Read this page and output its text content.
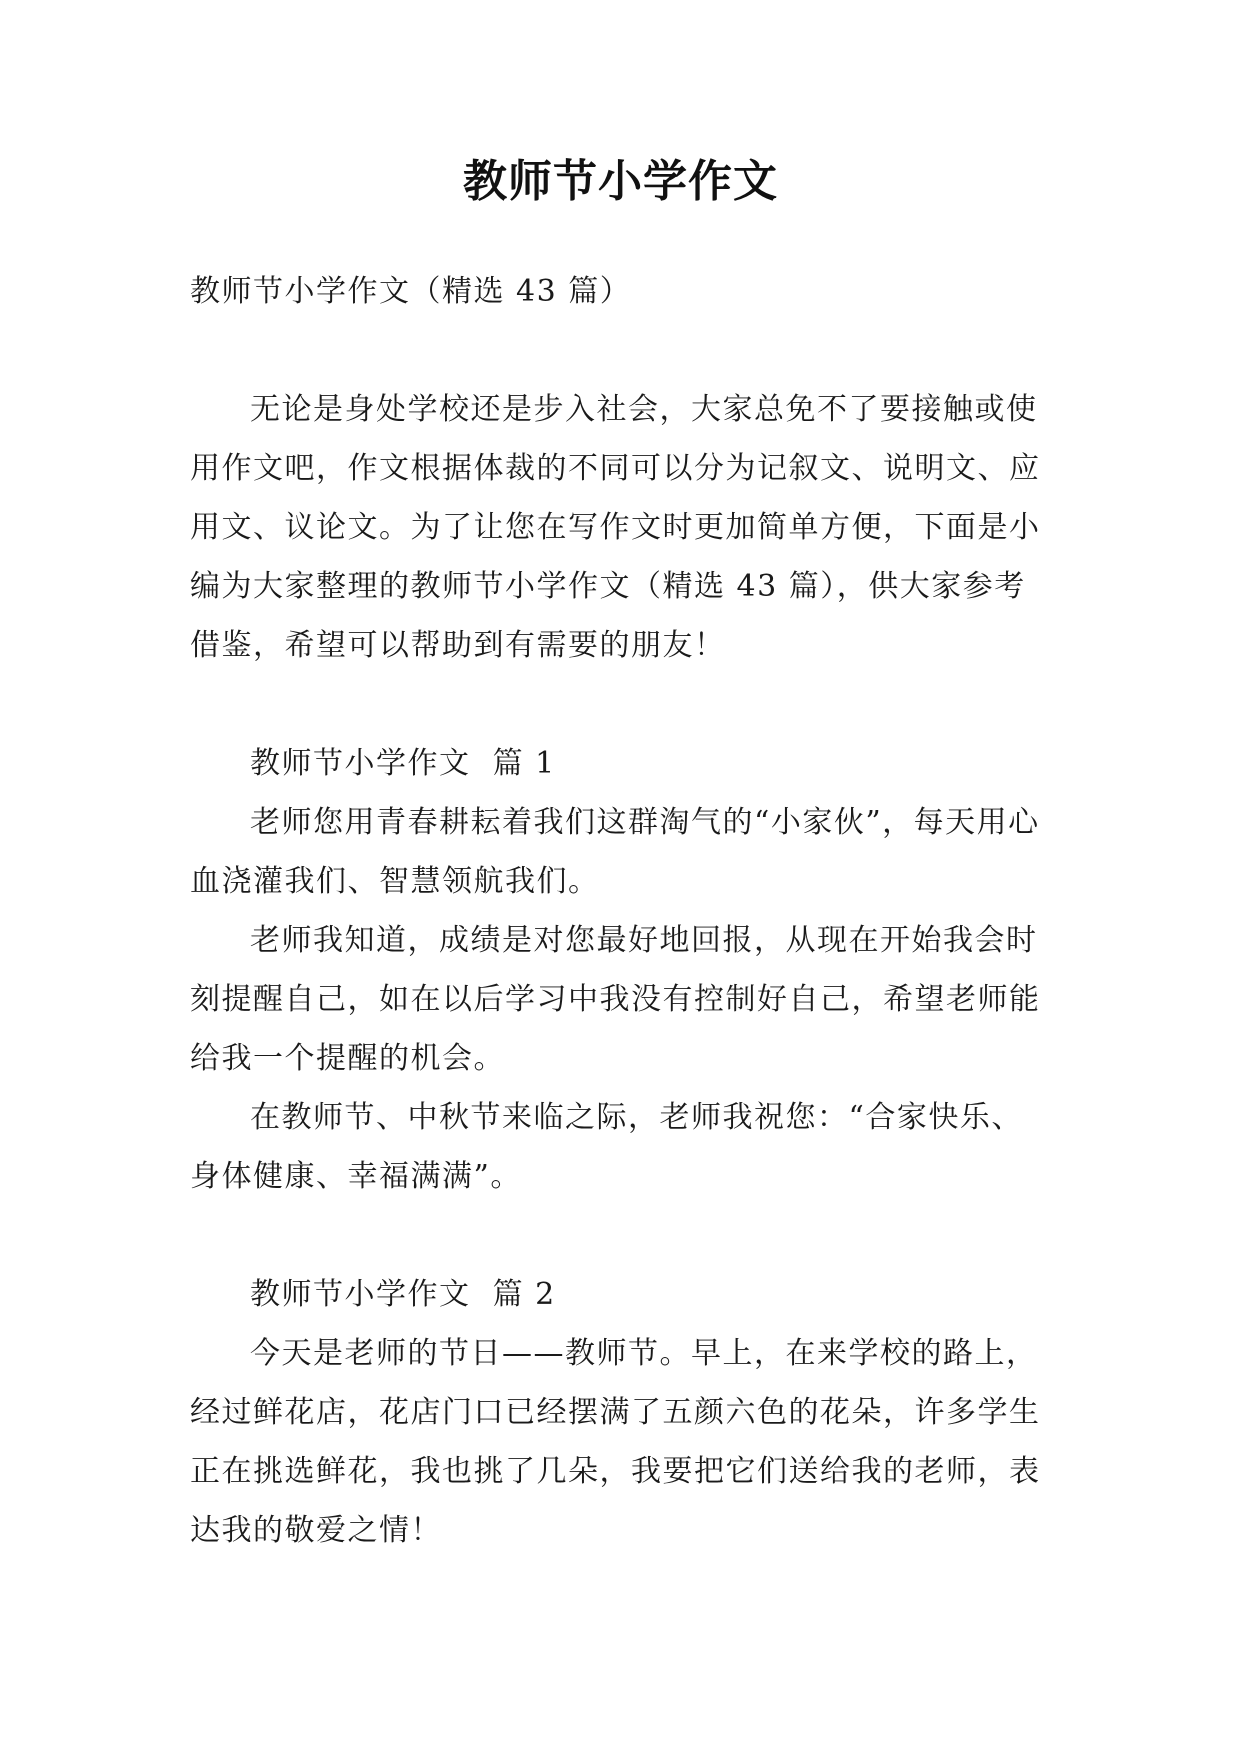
教师节小学作文

教师节小学作文（精选 43 篇）

无论是身处学校还是步入社会，大家总免不了要接触或使用作文吧，作文根据体裁的不同可以分为记叙文、说明文、应用文、议论文。为了让您在写作文时更加简单方便，下面是小编为大家整理的教师节小学作文（精选 43 篇），供大家参考借鉴，希望可以帮助到有需要的朋友！

教师节小学作文  篇 1

老师您用青春耕耘着我们这群淘气的“小家伙”，每天用心血浇灌我们、智慧领航我们。

老师我知道，成绩是对您最好地回报，从现在开始我会时刻提醒自己，如在以后学习中我没有控制好自己，希望老师能给我一个提醒的机会。

在教师节、中秋节来临之际，老师我祝您：“合家快乐、身体健康、幸福满满”。

教师节小学作文  篇 2

今天是老师的节日——教师节。早上，在来学校的路上，经过鲜花店，花店门口已经摆满了五颜六色的花朵，许多学生正在挑选鲜花，我也挑了几朵，我要把它们送给我的老师，表达我的敬爱之情！
